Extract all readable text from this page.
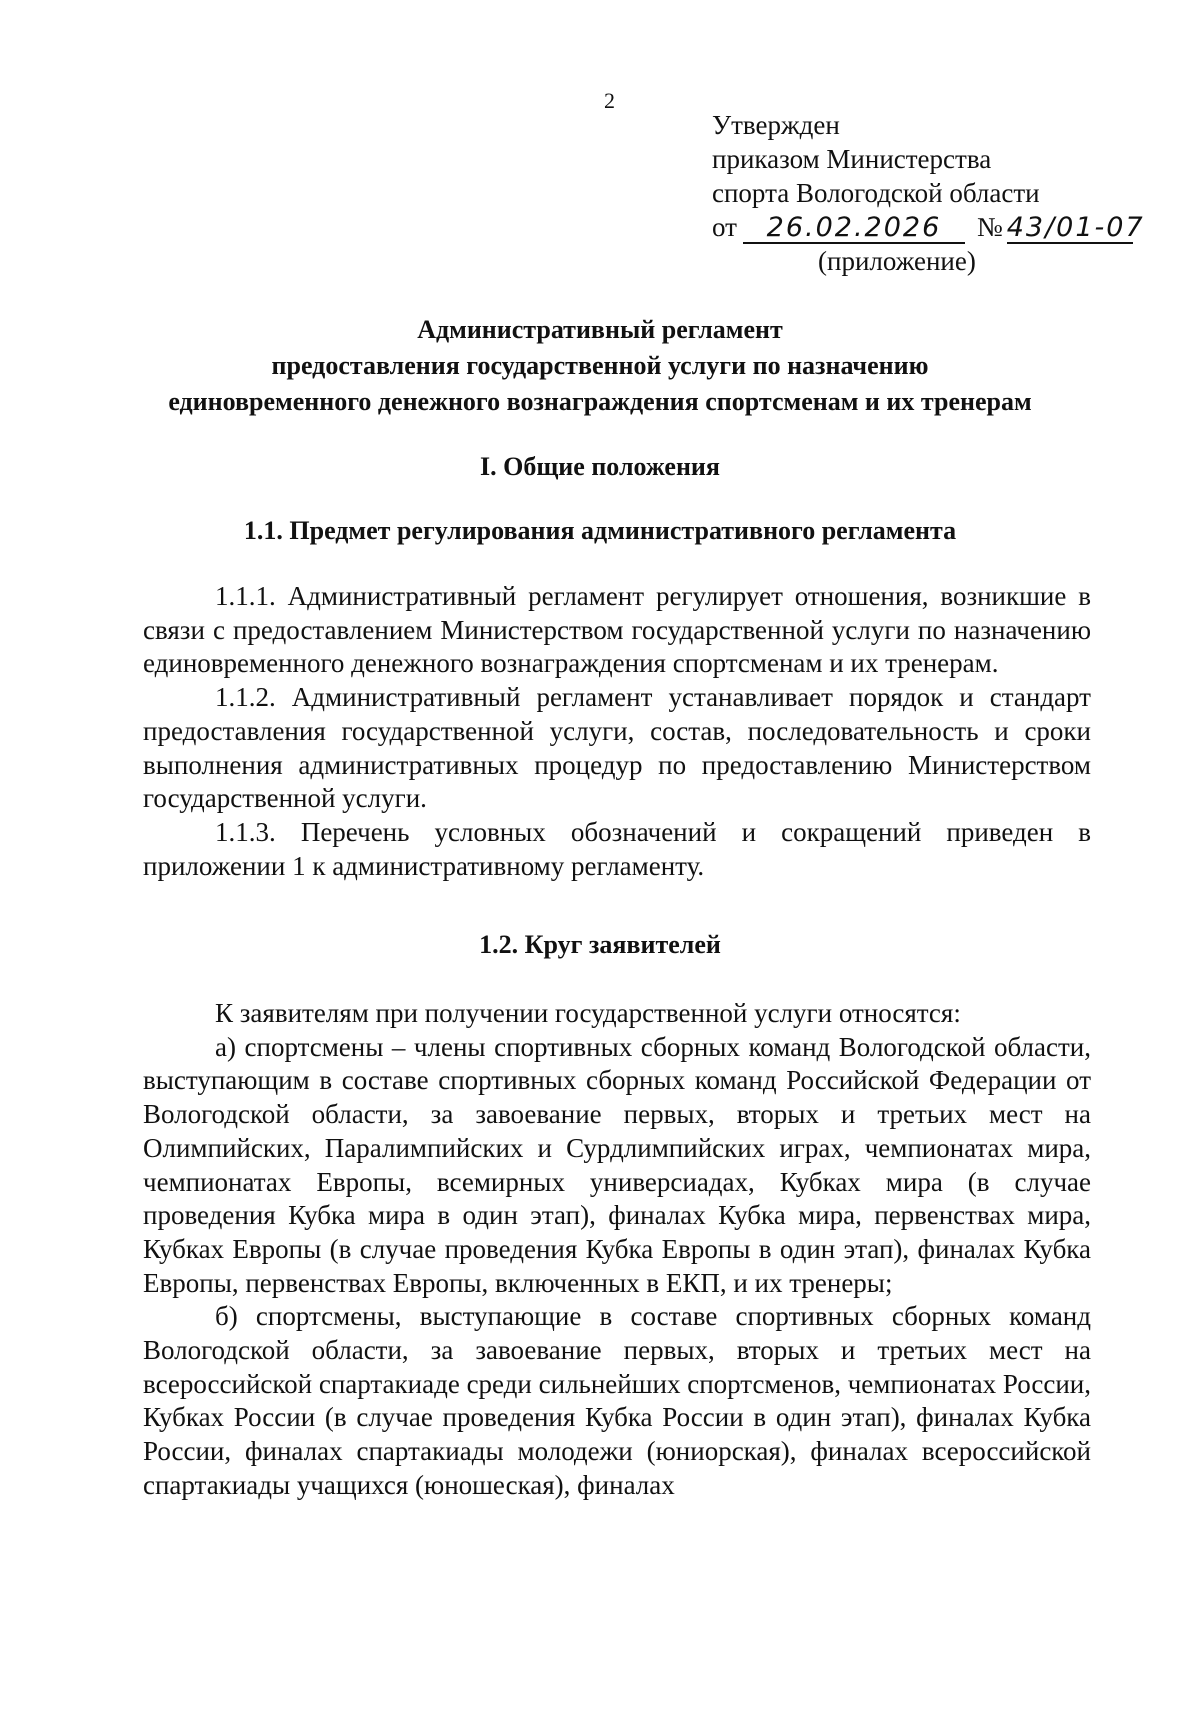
2
Утвержден
приказом Министерства
спорта Вологодской области
от 26.02.2026 № 43/01-07
(приложение)
Административный регламент
предоставления государственной услуги по назначению
единовременного денежного вознаграждения спортсменам и их тренерам
I. Общие положения
1.1. Предмет регулирования административного регламента

1.1.1. Административный регламент регулирует отношения, возникшие в связи с предоставлением Министерством государственной услуги по назначению единовременного денежного вознаграждения спортсменам и их тренерам.

1.1.2. Административный регламент устанавливает порядок и стандарт предоставления государственной услуги, состав, последовательность и сроки выполнения административных процедур по предоставлению Министерством государственной услуги.

1.1.3. Перечень условных обозначений и сокращений приведен в приложении 1 к административному регламенту.

1.2. Круг заявителей

К заявителям при получении государственной услуги относятся:

а) спортсмены – члены спортивных сборных команд Вологодской области, выступающим в составе спортивных сборных команд Российской Федерации от Вологодской области, за завоевание первых, вторых и третьих мест на Олимпийских, Паралимпийских и Сурдлимпийских играх, чемпионатах мира, чемпионатах Европы, всемирных универсиадах, Кубках мира (в случае проведения Кубка мира в один этап), финалах Кубка мира, первенствах мира, Кубках Европы (в случае проведения Кубка Европы в один этап), финалах Кубка Европы, первенствах Европы, включенных в ЕКП, и их тренеры;

б) спортсмены, выступающие в составе спортивных сборных команд Вологодской области, за завоевание первых, вторых и третьих мест на всероссийской спартакиаде среди сильнейших спортсменов, чемпионатах России, Кубках России (в случае проведения Кубка России в один этап), финалах Кубка России, финалах спартакиады молодежи (юниорская), финалах всероссийской спартакиады учащихся (юношеская), финалах
